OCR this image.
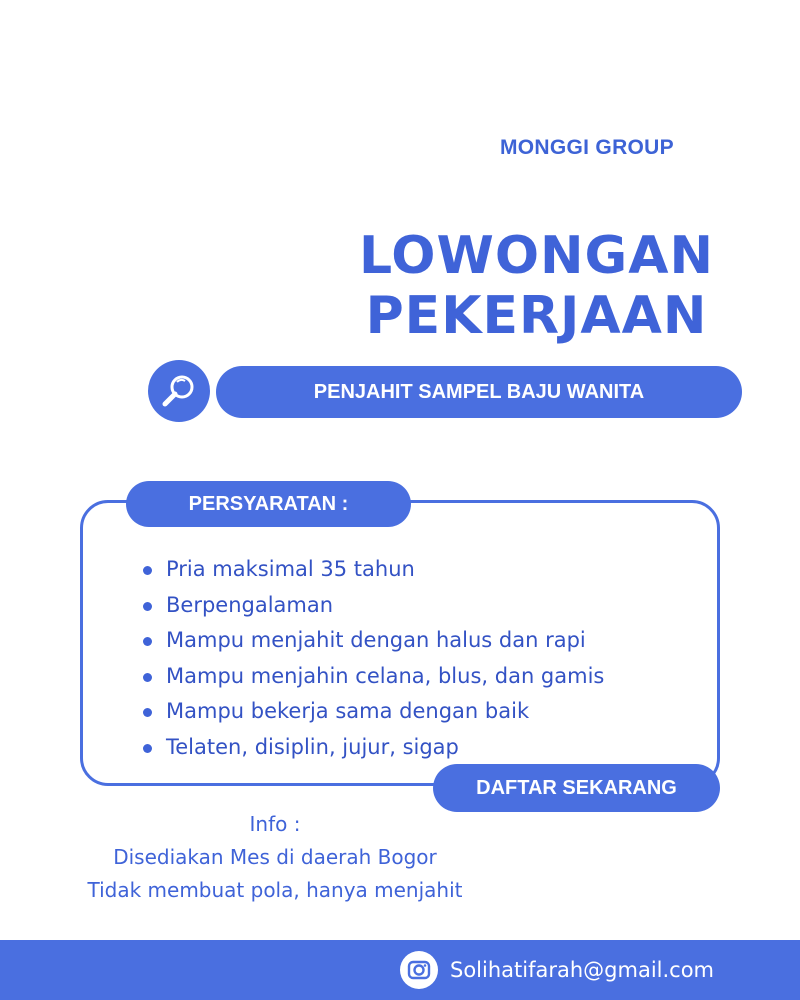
MONGGI GROUP
LOWONGAN
PEKERJAAN
PENJAHIT SAMPEL BAJU WANITA
PERSYARATAN :
Pria maksimal 35 tahun
Berpengalaman
Mampu menjahit dengan halus dan rapi
Mampu menjahin celana, blus, dan gamis
Mampu bekerja sama dengan baik
Telaten, disiplin, jujur, sigap
DAFTAR SEKARANG
Info :
Disediakan Mes di daerah Bogor
Tidak membuat pola, hanya menjahit
Solihatifarah@gmail.com
